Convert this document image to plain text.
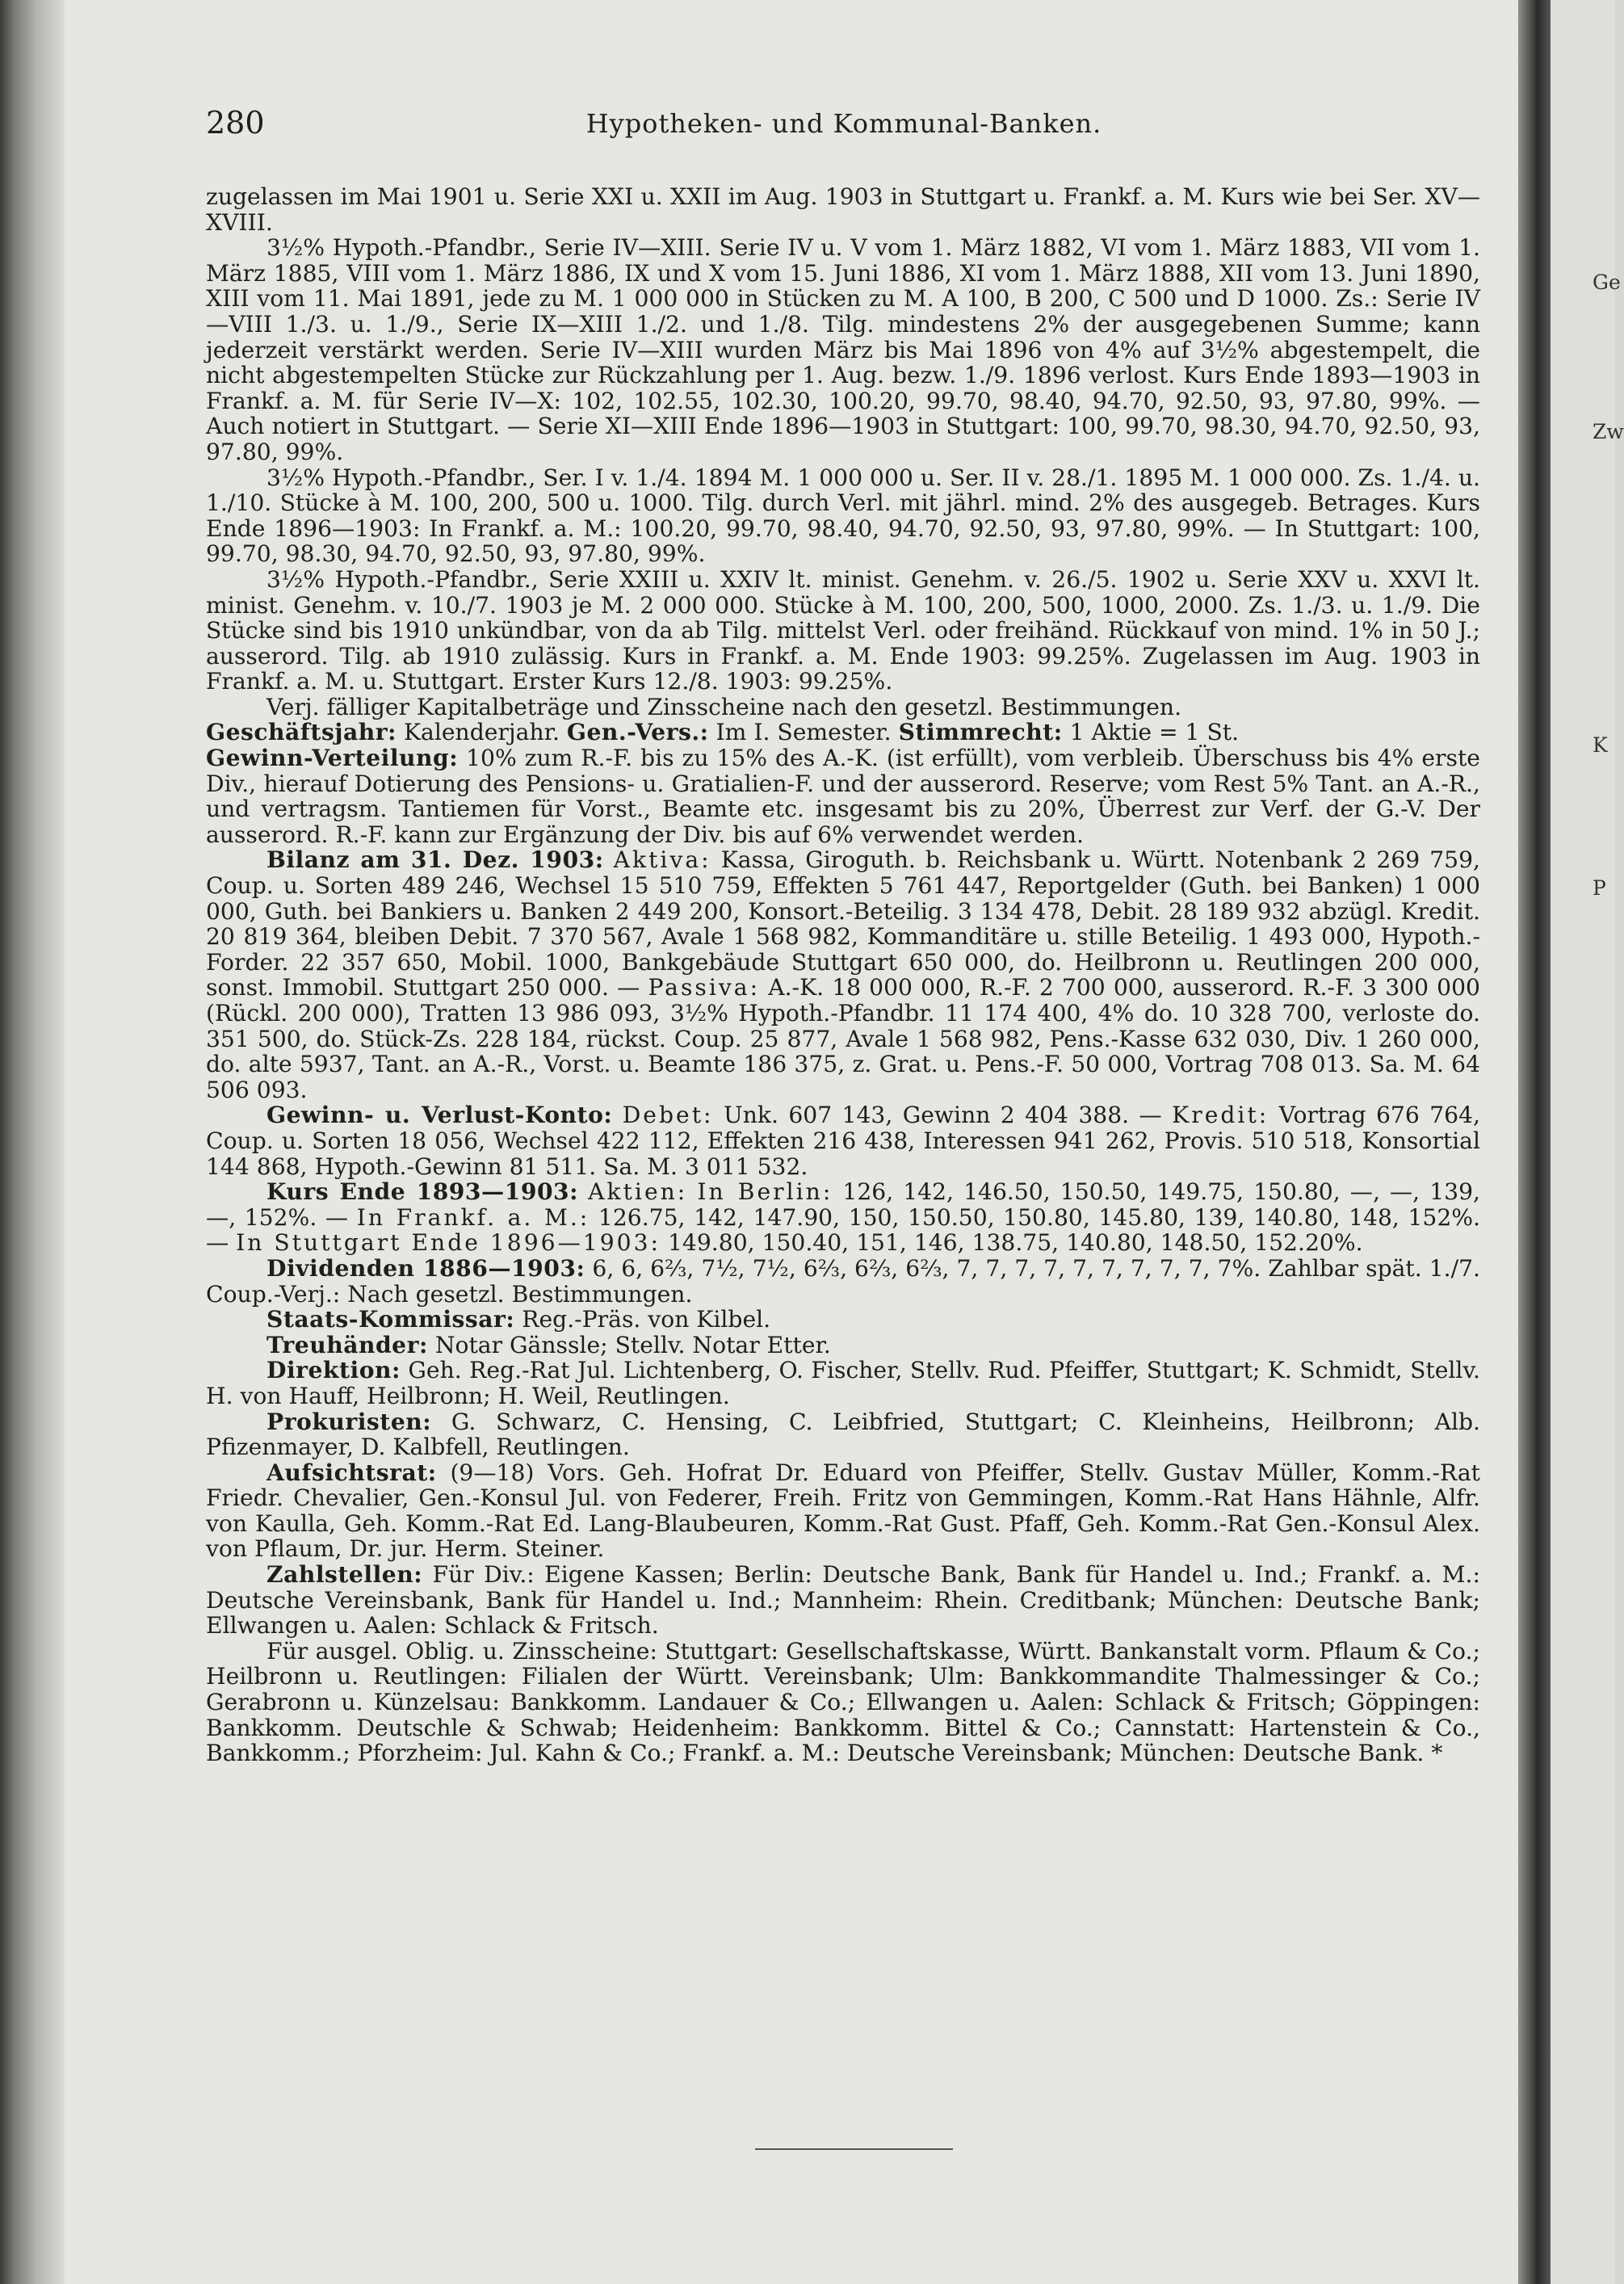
280	Hypotheken- und Kommunal-Banken.

zugelassen im Mai 1901 u. Serie XXI u. XXII im Aug. 1903 in Stuttgart u. Frankf. a. M. Kurs wie bei Ser. XV—XVIII.

3½% Hypoth.-Pfandbr., Serie IV—XIII. Serie IV u. V vom 1. März 1882, VI vom 1. März 1883, VII vom 1. März 1885, VIII vom 1. März 1886, IX und X vom 15. Juni 1886, XI vom 1. März 1888, XII vom 13. Juni 1890, XIII vom 11. Mai 1891, jede zu M. 1 000 000 in Stücken zu M. A 100, B 200, C 500 und D 1000. Zs.: Serie IV—VIII 1./3. u. 1./9., Serie IX—XIII 1./2. und 1./8. Tilg. mindestens 2% der ausgegebenen Summe; kann jederzeit verstärkt werden. Serie IV—XIII wurden März bis Mai 1896 von 4% auf 3½% abgestempelt, die nicht abgestempelten Stücke zur Rückzahlung per 1. Aug. bezw. 1./9. 1896 verlost. Kurs Ende 1893—1903 in Frankf. a. M. für Serie IV—X: 102, 102.55, 102.30, 100.20, 99.70, 98.40, 94.70, 92.50, 93, 97.80, 99%. — Auch notiert in Stuttgart. — Serie XI—XIII Ende 1896—1903 in Stuttgart: 100, 99.70, 98.30, 94.70, 92.50, 93, 97.80, 99%.

3½% Hypoth.-Pfandbr., Ser. I v. 1./4. 1894 M. 1 000 000 u. Ser. II v. 28./1. 1895 M. 1 000 000. Zs. 1./4. u. 1./10. Stücke à M. 100, 200, 500 u. 1000. Tilg. durch Verl. mit jährl. mind. 2% des ausgegeb. Betrages. Kurs Ende 1896—1903: In Frankf. a. M.: 100.20, 99.70, 98.40, 94.70, 92.50, 93, 97.80, 99%. — In Stuttgart: 100, 99.70, 98.30, 94.70, 92.50, 93, 97.80, 99%.

3½% Hypoth.-Pfandbr., Serie XXIII u. XXIV lt. minist. Genehm. v. 26./5. 1902 u. Serie XXV u. XXVI lt. minist. Genehm. v. 10./7. 1903 je M. 2 000 000. Stücke à M. 100, 200, 500, 1000, 2000. Zs. 1./3. u. 1./9. Die Stücke sind bis 1910 unkündbar, von da ab Tilg. mittelst Verl. oder freihänd. Rückkauf von mind. 1% in 50 J.; ausserord. Tilg. ab 1910 zulässig. Kurs in Frankf. a. M. Ende 1903: 99.25%. Zugelassen im Aug. 1903 in Frankf. a. M. u. Stuttgart. Erster Kurs 12./8. 1903: 99.25%.

Verj. fälliger Kapitalbeträge und Zinsscheine nach den gesetzl. Bestimmungen.

Geschäftsjahr: Kalenderjahr. Gen.-Vers.: Im I. Semester. Stimmrecht: 1 Aktie = 1 St.

Gewinn-Verteilung: 10% zum R.-F. bis zu 15% des A.-K. (ist erfüllt), vom verbleib. Überschuss bis 4% erste Div., hierauf Dotierung des Pensions- u. Gratialien-F. und der ausserord. Reserve; vom Rest 5% Tant. an A.-R., und vertragsm. Tantiemen für Vorst., Beamte etc. insgesamt bis zu 20%, Überrest zur Verf. der G.-V. Der ausserord. R.-F. kann zur Ergänzung der Div. bis auf 6% verwendet werden.

Bilanz am 31. Dez. 1903: Aktiva: Kassa, Giroguth. b. Reichsbank u. Württ. Notenbank 2 269 759, Coup. u. Sorten 489 246, Wechsel 15 510 759, Effekten 5 761 447, Reportgelder (Guth. bei Banken) 1 000 000, Guth. bei Bankiers u. Banken 2 449 200, Konsort.-Beteilig. 3 134 478, Debit. 28 189 932 abzügl. Kredit. 20 819 364, bleiben Debit. 7 370 567, Avale 1 568 982, Kommanditäre u. stille Beteilig. 1 493 000, Hypoth.-Forder. 22 357 650, Mobil. 1000, Bankgebäude Stuttgart 650 000, do. Heilbronn u. Reutlingen 200 000, sonst. Immobil. Stuttgart 250 000. — Passiva: A.-K. 18 000 000, R.-F. 2 700 000, ausserord. R.-F. 3 300 000 (Rückl. 200 000), Tratten 13 986 093, 3½% Hypoth.-Pfandbr. 11 174 400, 4% do. 10 328 700, verloste do. 351 500, do. Stück-Zs. 228 184, rückst. Coup. 25 877, Avale 1 568 982, Pens.-Kasse 632 030, Div. 1 260 000, do. alte 5937, Tant. an A.-R., Vorst. u. Beamte 186 375, z. Grat. u. Pens.-F. 50 000, Vortrag 708 013. Sa. M. 64 506 093.

Gewinn- u. Verlust-Konto: Debet: Unk. 607 143, Gewinn 2 404 388. — Kredit: Vortrag 676 764, Coup. u. Sorten 18 056, Wechsel 422 112, Effekten 216 438, Interessen 941 262, Provis. 510 518, Konsortial 144 868, Hypoth.-Gewinn 81 511. Sa. M. 3 011 532.

Kurs Ende 1893—1903: Aktien: In Berlin: 126, 142, 146.50, 150.50, 149.75, 150.80, —, —, 139, —, 152%. — In Frankf. a. M.: 126.75, 142, 147.90, 150, 150.50, 150.80, 145.80, 139, 140.80, 148, 152%. — In Stuttgart Ende 1896—1903: 149.80, 150.40, 151, 146, 138.75, 140.80, 148.50, 152.20%.

Dividenden 1886—1903: 6, 6, 6⅔, 7½, 7½, 6⅔, 6⅔, 6⅔, 7, 7, 7, 7, 7, 7, 7, 7, 7, 7%. Zahlbar spät. 1./7. Coup.-Verj.: Nach gesetzl. Bestimmungen.

Staats-Kommissar: Reg.-Präs. von Kilbel.

Treuhänder: Notar Gänssle; Stellv. Notar Etter.

Direktion: Geh. Reg.-Rat Jul. Lichtenberg, O. Fischer, Stellv. Rud. Pfeiffer, Stuttgart; K. Schmidt, Stellv. H. von Hauff, Heilbronn; H. Weil, Reutlingen.

Prokuristen: G. Schwarz, C. Hensing, C. Leibfried, Stuttgart; C. Kleinheins, Heilbronn; Alb. Pfizenmayer, D. Kalbfell, Reutlingen.

Aufsichtsrat: (9—18) Vors. Geh. Hofrat Dr. Eduard von Pfeiffer, Stellv. Gustav Müller, Komm.-Rat Friedr. Chevalier, Gen.-Konsul Jul. von Federer, Freih. Fritz von Gemmingen, Komm.-Rat Hans Hähnle, Alfr. von Kaulla, Geh. Komm.-Rat Ed. Lang-Blaubeuren, Komm.-Rat Gust. Pfaff, Geh. Komm.-Rat Gen.-Konsul Alex. von Pflaum, Dr. jur. Herm. Steiner.

Zahlstellen: Für Div.: Eigene Kassen; Berlin: Deutsche Bank, Bank für Handel u. Ind.; Frankf. a. M.: Deutsche Vereinsbank, Bank für Handel u. Ind.; Mannheim: Rhein. Creditbank; München: Deutsche Bank; Ellwangen u. Aalen: Schlack & Fritsch.

Für ausgel. Oblig. u. Zinsscheine: Stuttgart: Gesellschaftskasse, Württ. Bankanstalt vorm. Pflaum & Co.; Heilbronn u. Reutlingen: Filialen der Württ. Vereinsbank; Ulm: Bankkommandite Thalmessinger & Co.; Gerabronn u. Künzelsau: Bankkomm. Landauer & Co.; Ellwangen u. Aalen: Schlack & Fritsch; Göppingen: Bankkomm. Deutschle & Schwab; Heidenheim: Bankkomm. Bittel & Co.; Cannstatt: Hartenstein & Co., Bankkomm.; Pforzheim: Jul. Kahn & Co.; Frankf. a. M.: Deutsche Vereinsbank; München: Deutsche Bank. *

Ge
Zw
K
P
